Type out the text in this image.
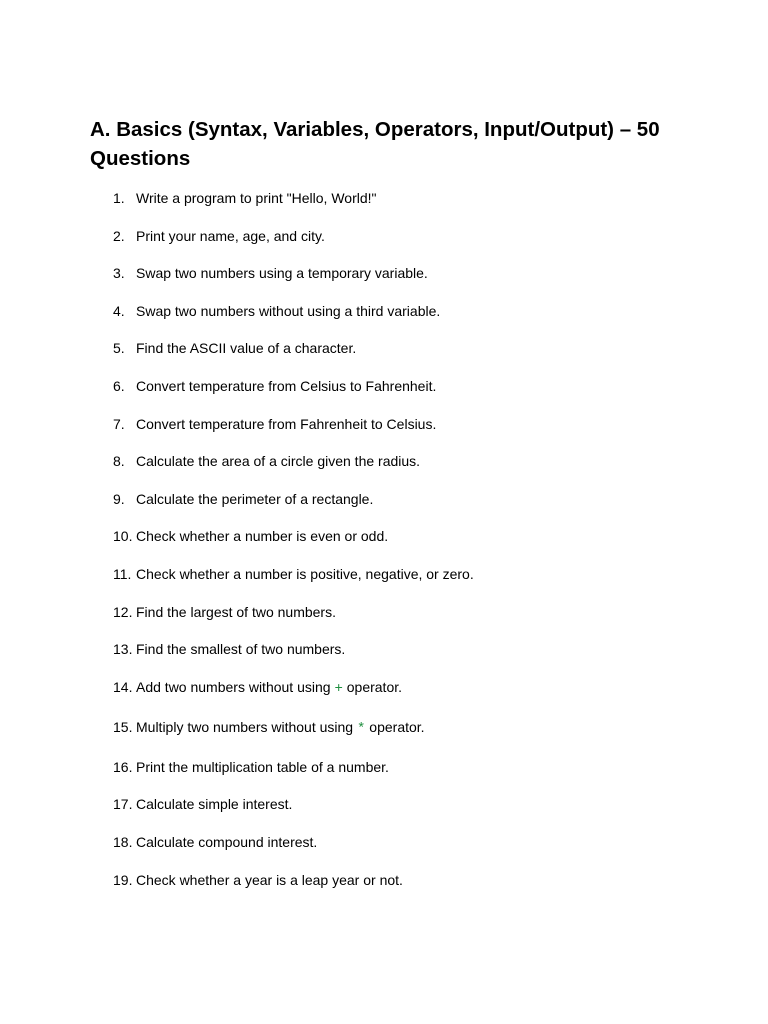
A. Basics (Syntax, Variables, Operators, Input/Output) – 50 Questions
1. Write a program to print "Hello, World!"
2. Print your name, age, and city.
3. Swap two numbers using a temporary variable.
4. Swap two numbers without using a third variable.
5. Find the ASCII value of a character.
6. Convert temperature from Celsius to Fahrenheit.
7. Convert temperature from Fahrenheit to Celsius.
8. Calculate the area of a circle given the radius.
9. Calculate the perimeter of a rectangle.
10. Check whether a number is even or odd.
11. Check whether a number is positive, negative, or zero.
12. Find the largest of two numbers.
13. Find the smallest of two numbers.
14. Add two numbers without using + operator.
15. Multiply two numbers without using * operator.
16. Print the multiplication table of a number.
17. Calculate simple interest.
18. Calculate compound interest.
19. Check whether a year is a leap year or not.
